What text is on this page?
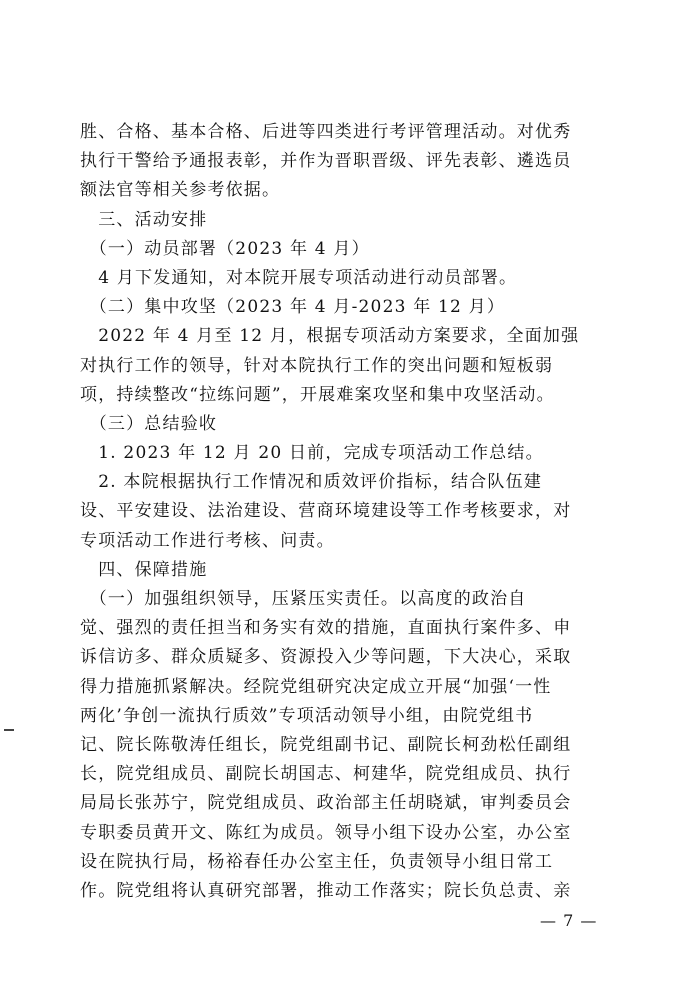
胜、合格、基本合格、后进等四类进行考评管理活动。对优秀
执行干警给予通报表彰，并作为晋职晋级、评先表彰、遴选员
额法官等相关参考依据。
　三、活动安排
　（一）动员部署（2023 年 4 月）
　4 月下发通知，对本院开展专项活动进行动员部署。
　（二）集中攻坚（2023 年 4 月-2023 年 12 月）
　2022 年 4 月至 12 月，根据专项活动方案要求，全面加强
对执行工作的领导，针对本院执行工作的突出问题和短板弱
项，持续整改“拉练问题”，开展难案攻坚和集中攻坚活动。
　（三）总结验收
　1. 2023 年 12 月 20 日前，完成专项活动工作总结。
　2. 本院根据执行工作情况和质效评价指标，结合队伍建
设、平安建设、法治建设、营商环境建设等工作考核要求，对
专项活动工作进行考核、问责。
　四、保障措施
　（一）加强组织领导，压紧压实责任。以高度的政治自
觉、强烈的责任担当和务实有效的措施，直面执行案件多、申
诉信访多、群众质疑多、资源投入少等问题，下大决心，采取
得力措施抓紧解决。经院党组研究决定成立开展“加强‘一性
两化’争创一流执行质效”专项活动领导小组，由院党组书
记、院长陈敬涛任组长，院党组副书记、副院长柯劲松任副组
长，院党组成员、副院长胡国志、柯建华，院党组成员、执行
局局长张苏宁，院党组成员、政治部主任胡晓斌，审判委员会
专职委员黄开文、陈红为成员。领导小组下设办公室，办公室
设在院执行局，杨裕春任办公室主任，负责领导小组日常工
作。院党组将认真研究部署，推动工作落实；院长负总责、亲
— 7 —
